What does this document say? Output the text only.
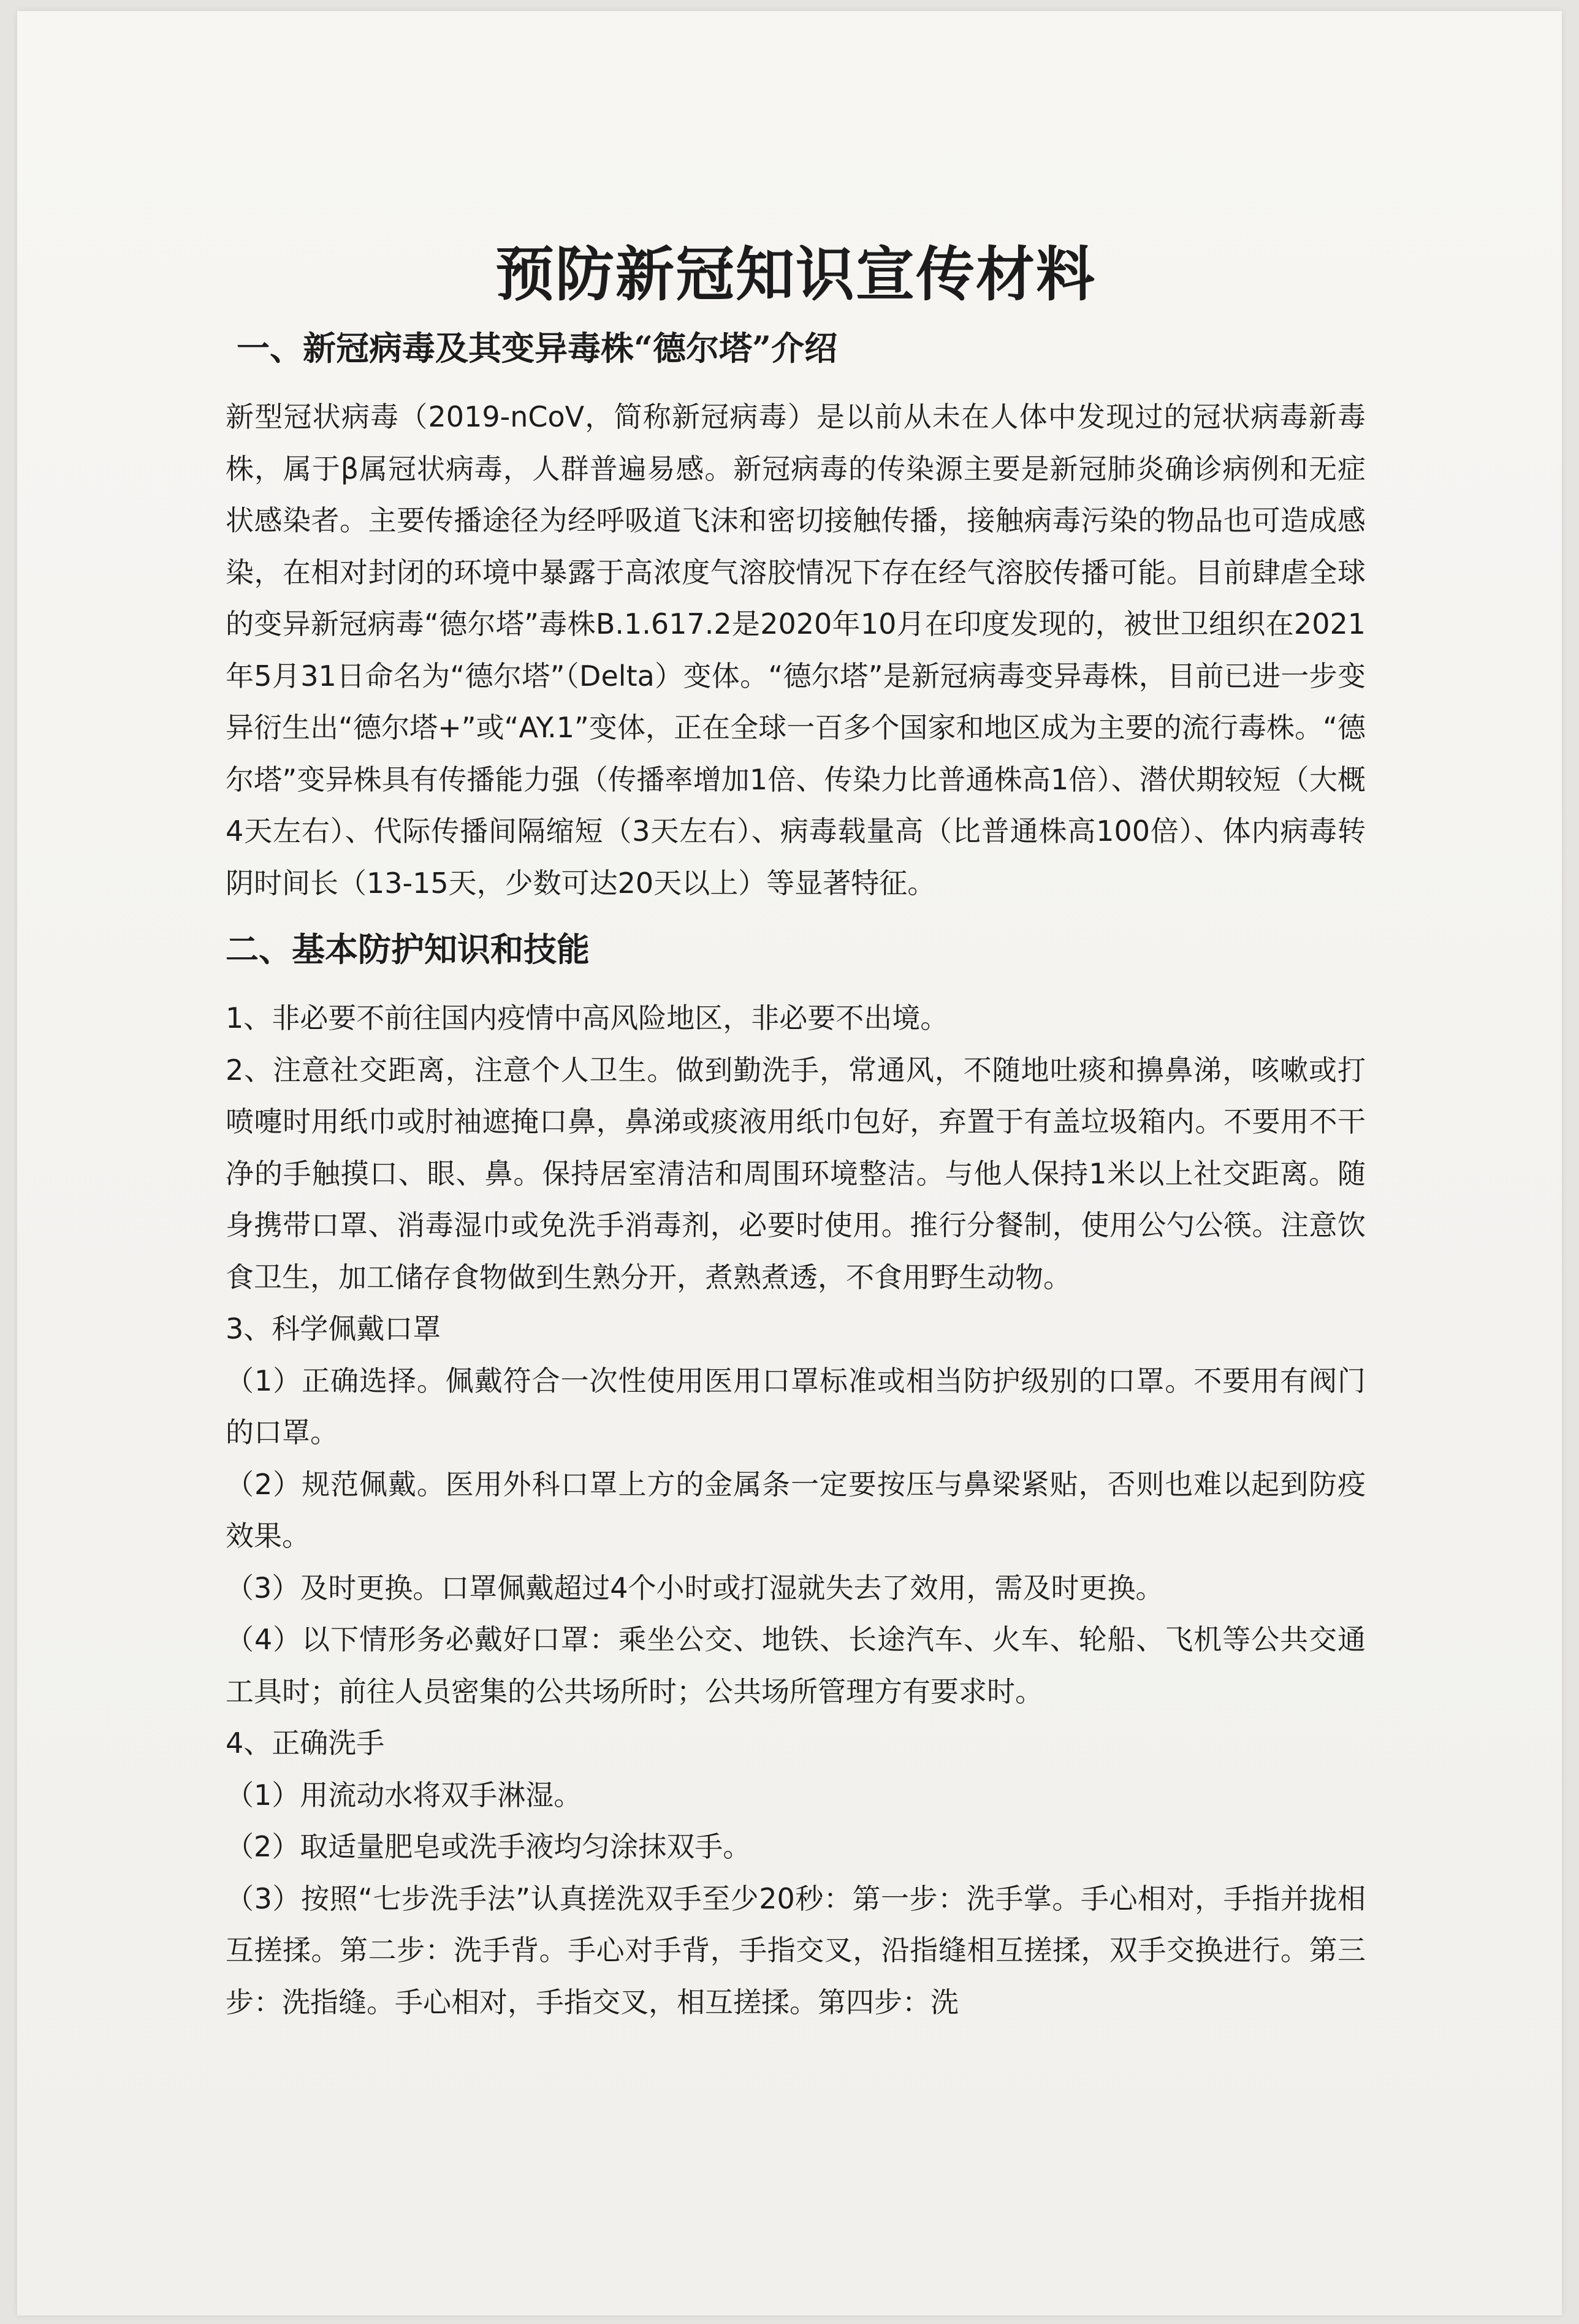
预防新冠知识宣传材料
一、新冠病毒及其变异毒株“德尔塔”介绍

新型冠状病毒（2019-nCoV，简称新冠病毒）是以前从未在人体中发现过的冠状病毒新毒株，属于β属冠状病毒，人群普遍易感。新冠病毒的传染源主要是新冠肺炎确诊病例和无症状感染者。主要传播途径为经呼吸道飞沫和密切接触传播，接触病毒污染的物品也可造成感染，在相对封闭的环境中暴露于高浓度气溶胶情况下存在经气溶胶传播可能。目前肆虐全球的变异新冠病毒“德尔塔”毒株B.1.617.2是2020年10月在印度发现的，被世卫组织在2021年5月31日命名为“德尔塔”（Delta）变体。“德尔塔”是新冠病毒变异毒株，目前已进一步变异衍生出“德尔塔+”或“AY.1”变体，正在全球一百多个国家和地区成为主要的流行毒株。“德尔塔”变异株具有传播能力强（传播率增加1倍、传染力比普通株高1倍）、潜伏期较短（大概4天左右）、代际传播间隔缩短（3天左右）、病毒载量高（比普通株高100倍）、体内病毒转阴时间长（13-15天，少数可达20天以上）等显著特征。

二、基本防护知识和技能

1、非必要不前往国内疫情中高风险地区，非必要不出境。

2、注意社交距离，注意个人卫生。做到勤洗手，常通风，不随地吐痰和擤鼻涕，咳嗽或打喷嚏时用纸巾或肘袖遮掩口鼻，鼻涕或痰液用纸巾包好，弃置于有盖垃圾箱内。不要用不干净的手触摸口、眼、鼻。保持居室清洁和周围环境整洁。与他人保持1米以上社交距离。随身携带口罩、消毒湿巾或免洗手消毒剂，必要时使用。推行分餐制，使用公勺公筷。注意饮食卫生，加工储存食物做到生熟分开，煮熟煮透，不食用野生动物。

3、科学佩戴口罩

（1）正确选择。佩戴符合一次性使用医用口罩标准或相当防护级别的口罩。不要用有阀门的口罩。

（2）规范佩戴。医用外科口罩上方的金属条一定要按压与鼻梁紧贴，否则也难以起到防疫效果。

（3）及时更换。口罩佩戴超过4个小时或打湿就失去了效用，需及时更换。

（4）以下情形务必戴好口罩：乘坐公交、地铁、长途汽车、火车、轮船、飞机等公共交通工具时；前往人员密集的公共场所时；公共场所管理方有要求时。

4、正确洗手

（1）用流动水将双手淋湿。

（2）取适量肥皂或洗手液均匀涂抹双手。

（3）按照“七步洗手法”认真搓洗双手至少20秒：第一步：洗手掌。手心相对，手指并拢相互搓揉。第二步：洗手背。手心对手背，手指交叉，沿指缝相互搓揉，双手交换进行。第三步：洗指缝。手心相对，手指交叉，相互搓揉。第四步：洗
